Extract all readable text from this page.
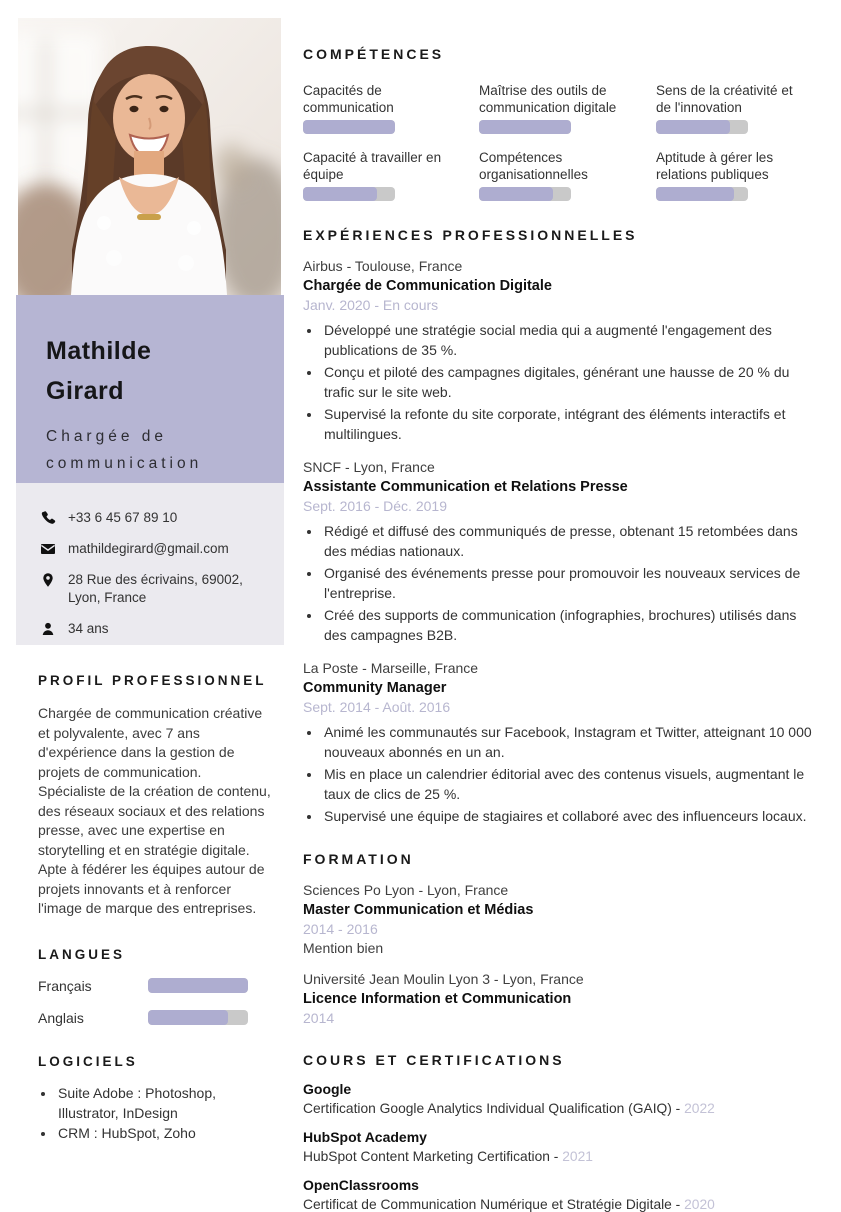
Mathilde
Girard
Chargée de
communication
+33 6 45 67 89 10
mathildegirard@gmail.com
28 Rue des écrivains, 69002, Lyon, France
34 ans
PROFIL PROFESSIONNEL

Chargée de communication créative et polyvalente, avec 7 ans d'expérience dans la gestion de projets de communication. Spécialiste de la création de contenu, des réseaux sociaux et des relations presse, avec une expertise en storytelling et en stratégie digitale. Apte à fédérer les équipes autour de projets innovants et à renforcer l'image de marque des entreprises.

LANGUES
Français
Anglais
LOGICIELS
• Suite Adobe : Photoshop, Illustrator, InDesign
• CRM : HubSpot, Zoho
COMPÉTENCES
Capacités de communication
Maîtrise des outils de communication digitale
Sens de la créativité et de l'innovation
Capacité à travailler en équipe
Compétences organisationnelles
Aptitude à gérer les relations publiques
EXPÉRIENCES PROFESSIONNELLES
Airbus - Toulouse, France
Chargée de Communication Digitale
Janv. 2020 - En cours
• Développé une stratégie social media qui a augmenté l'engagement des publications de 35 %.
• Conçu et piloté des campagnes digitales, générant une hausse de 20 % du trafic sur le site web.
• Supervisé la refonte du site corporate, intégrant des éléments interactifs et multilingues.
SNCF - Lyon, France
Assistante Communication et Relations Presse
Sept. 2016 - Déc. 2019
• Rédigé et diffusé des communiqués de presse, obtenant 15 retombées dans des médias nationaux.
• Organisé des événements presse pour promouvoir les nouveaux services de l'entreprise.
• Créé des supports de communication (infographies, brochures) utilisés dans des campagnes B2B.
La Poste - Marseille, France
Community Manager
Sept. 2014 - Août. 2016
• Animé les communautés sur Facebook, Instagram et Twitter, atteignant 10 000 nouveaux abonnés en un an.
• Mis en place un calendrier éditorial avec des contenus visuels, augmentant le taux de clics de 25 %.
• Supervisé une équipe de stagiaires et collaboré avec des influenceurs locaux.
FORMATION
Sciences Po Lyon - Lyon, France
Master Communication et Médias
2014 - 2016
Mention bien
Université Jean Moulin Lyon 3 - Lyon, France
Licence Information et Communication
2014
COURS ET CERTIFICATIONS
Google
Certification Google Analytics Individual Qualification (GAIQ) - 2022
HubSpot Academy
HubSpot Content Marketing Certification - 2021
OpenClassrooms
Certificat de Communication Numérique et Stratégie Digitale - 2020
